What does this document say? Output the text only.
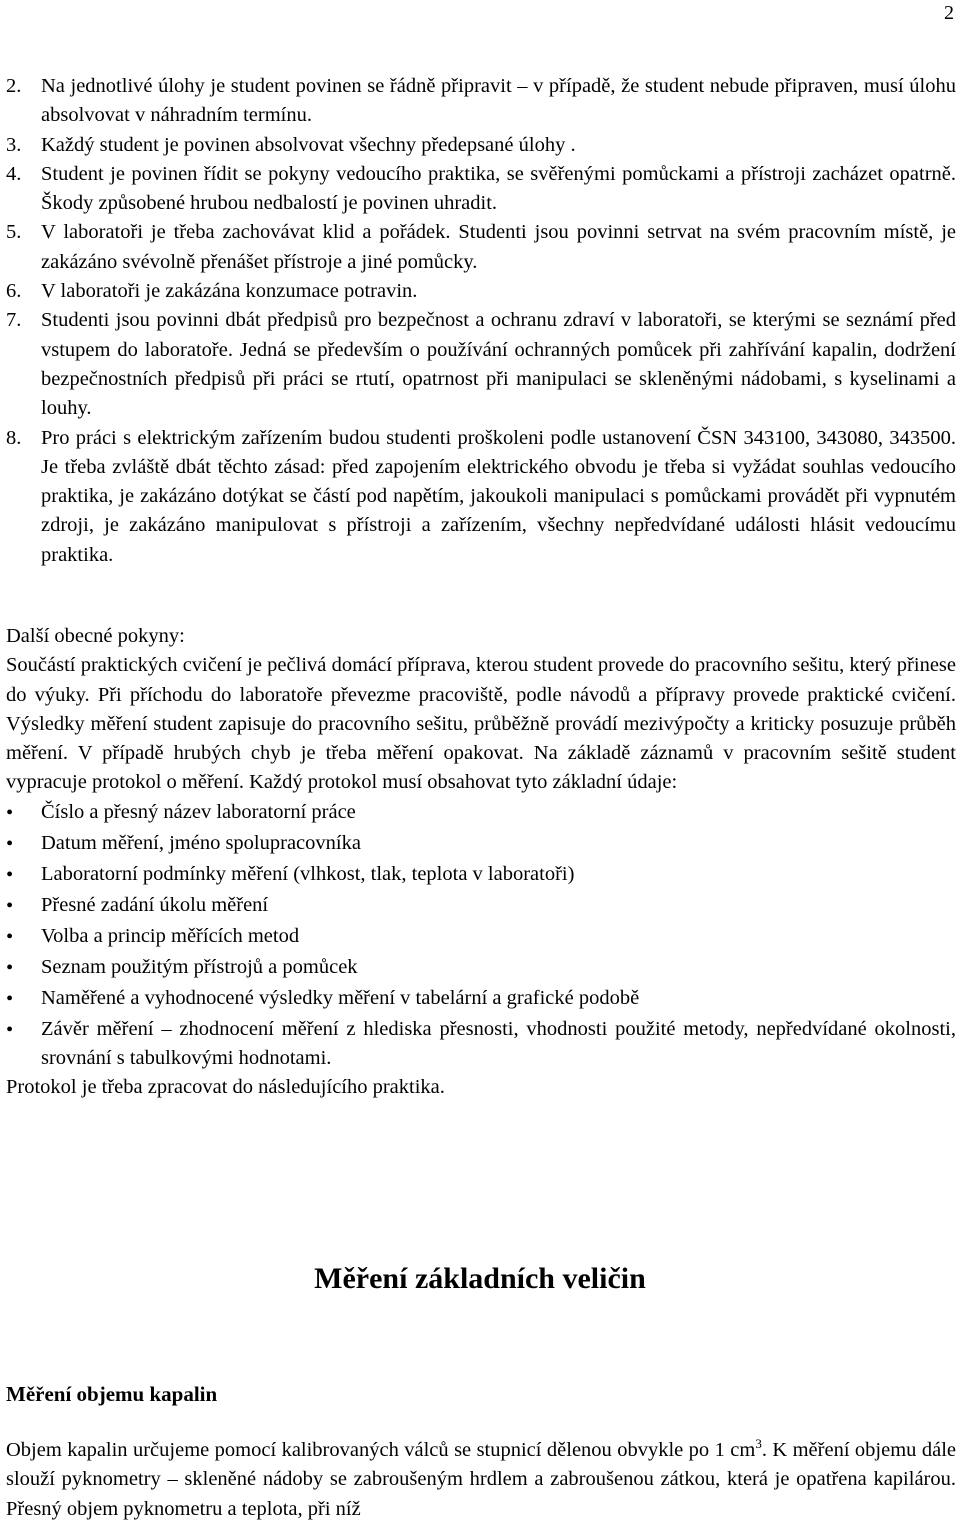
2
2. Na jednotlivé úlohy je student povinen se řádně připravit – v případě, že student nebude připraven, musí úlohu absolvovat v náhradním termínu.
3. Každý student je povinen absolvovat všechny předepsané úlohy .
4. Student je povinen řídit se pokyny vedoucího praktika, se svěřenými pomůckami a přístroji zacházet opatrně. Škody způsobené hrubou nedbalostí je povinen uhradit.
5. V laboratoři je třeba zachovávat klid a pořádek. Studenti jsou povinni setrvat na svém pracovním místě, je zakázáno svévolně přenášet přístroje a jiné pomůcky.
6. V laboratoři je zakázána konzumace potravin.
7. Studenti jsou povinni dbát předpisů pro bezpečnost a ochranu zdraví v laboratoři, se kterými se seznámí před vstupem do laboratoře. Jedná se především o používání ochranných pomůcek při zahřívání kapalin, dodržení bezpečnostních předpisů při práci se rtutí, opatrnost při manipulaci se skleněnými nádobami, s kyselinami a louhy.
8. Pro práci s elektrickým zařízením budou studenti proškoleni podle ustanovení ČSN 343100, 343080, 343500. Je třeba zvláště dbát těchto zásad: před zapojením elektrického obvodu je třeba si vyžádat souhlas vedoucího praktika, je zakázáno dotýkat se částí pod napětím, jakoukoli manipulaci s pomůckami provádět při vypnutém zdroji, je zakázáno manipulovat s přístroji a zařízením, všechny nepředvídané události hlásit vedoucímu praktika.

Další obecné pokyny:

Součástí praktických cvičení je pečlivá domácí příprava, kterou student provede do pracovního sešitu, který přinese do výuky. Při příchodu do laboratoře převezme pracoviště, podle návodů a přípravy provede praktické cvičení. Výsledky měření student zapisuje do pracovního sešitu, průběžně provádí mezivýpočty a kriticky posuzuje průběh měření. V případě hrubých chyb je třeba měření opakovat. Na základě záznamů v pracovním sešitě student vypracuje protokol o měření. Každý protokol musí obsahovat tyto základní údaje:

•	Číslo a přesný název laboratorní práce
•	Datum měření, jméno spolupracovníka
•	Laboratorní podmínky měření (vlhkost, tlak, teplota v laboratoři)
•	Přesné zadání úkolu měření
•	Volba a princip měřících metod
•	Seznam použitým přístrojů a pomůcek
•	Naměřené a vyhodnocené výsledky měření v tabelární a grafické podobě
•	Závěr měření – zhodnocení měření z hlediska přesnosti, vhodnosti použité metody, nepředvídané okolnosti, srovnání s tabulkovými hodnotami.

Protokol je třeba zpracovat do následujícího praktika.

Měření základních veličin
Měření objemu kapalin

Objem kapalin určujeme pomocí kalibrovaných válců se stupnicí dělenou obvykle po 1 $cm^3$. K měření objemu dále slouží pyknometry – skleněné nádoby se zabroušeným hrdlem a zabroušenou zátkou, která je opatřena kapilárou. Přesný objem pyknometru a teplota, při níž
